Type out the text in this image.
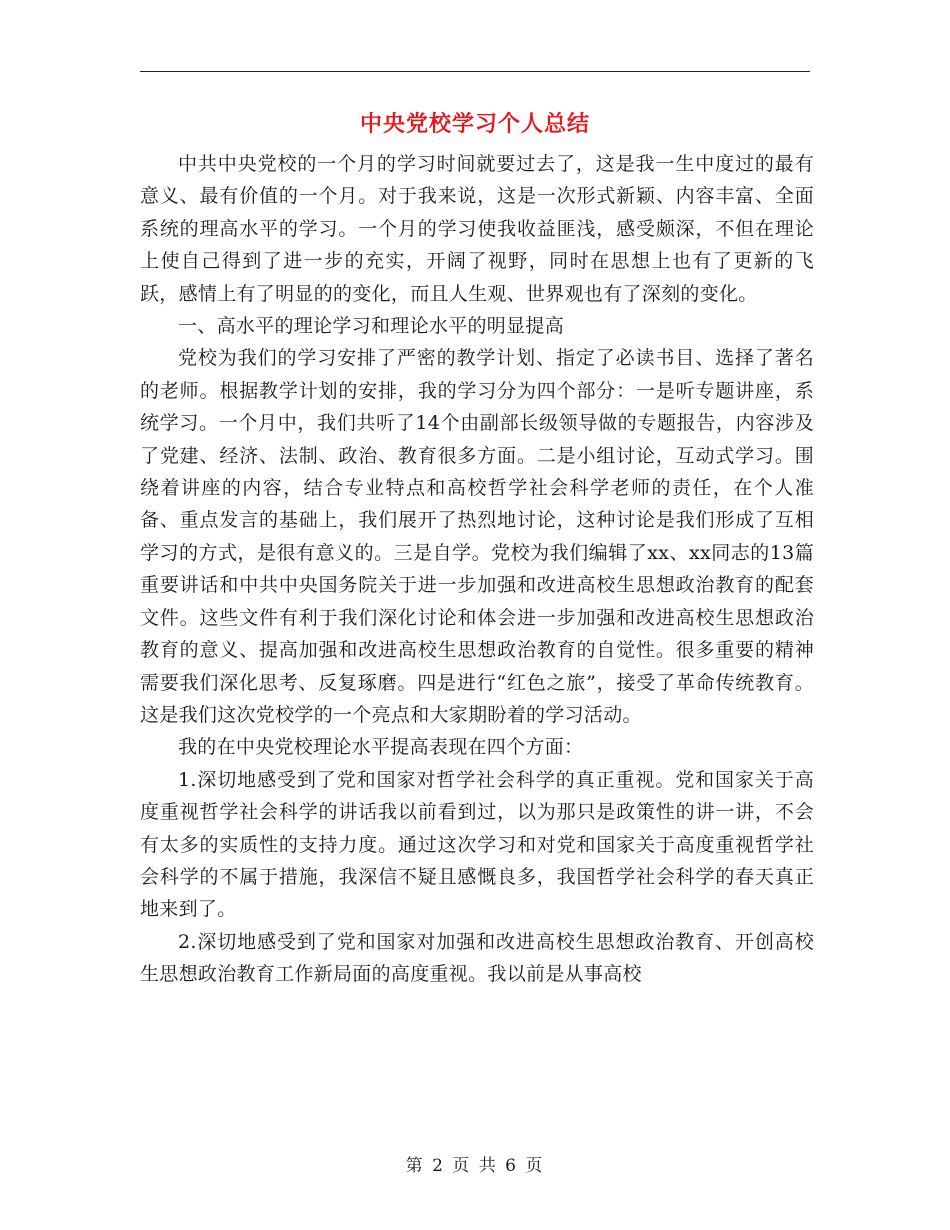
中央党校学习个人总结

中共中央党校的一个月的学习时间就要过去了，这是我一生中度过的最有意义、最有价值的一个月。对于我来说，这是一次形式新颖、内容丰富、全面系统的理高水平的学习。一个月的学习使我收益匪浅，感受颇深，不但在理论上使自己得到了进一步的充实，开阔了视野，同时在思想上也有了更新的飞跃，感情上有了明显的的变化，而且人生观、世界观也有了深刻的变化。

一、高水平的理论学习和理论水平的明显提高

党校为我们的学习安排了严密的教学计划、指定了必读书目、选择了著名的老师。根据教学计划的安排，我的学习分为四个部分：一是听专题讲座，系统学习。一个月中，我们共听了14个由副部长级领导做的专题报告，内容涉及了党建、经济、法制、政治、教育很多方面。二是小组讨论，互动式学习。围绕着讲座的内容，结合专业特点和高校哲学社会科学老师的责任，在个人准备、重点发言的基础上，我们展开了热烈地讨论，这种讨论是我们形成了互相学习的方式，是很有意义的。三是自学。党校为我们编辑了xx、xx同志的13篇重要讲话和中共中央国务院关于进一步加强和改进高校生思想政治教育的配套文件。这些文件有利于我们深化讨论和体会进一步加强和改进高校生思想政治教育的意义、提高加强和改进高校生思想政治教育的自觉性。很多重要的精神需要我们深化思考、反复琢磨。四是进行“红色之旅”，接受了革命传统教育。这是我们这次党校学的一个亮点和大家期盼着的学习活动。

我的在中央党校理论水平提高表现在四个方面：

1.深切地感受到了党和国家对哲学社会科学的真正重视。党和国家关于高度重视哲学社会科学的讲话我以前看到过，以为那只是政策性的讲一讲，不会有太多的实质性的支持力度。通过这次学习和对党和国家关于高度重视哲学社会科学的不属于措施，我深信不疑且感慨良多，我国哲学社会科学的春天真正地来到了。

2.深切地感受到了党和国家对加强和改进高校生思想政治教育、开创高校生思想政治教育工作新局面的高度重视。我以前是从事高校

第 2 页 共 6 页
